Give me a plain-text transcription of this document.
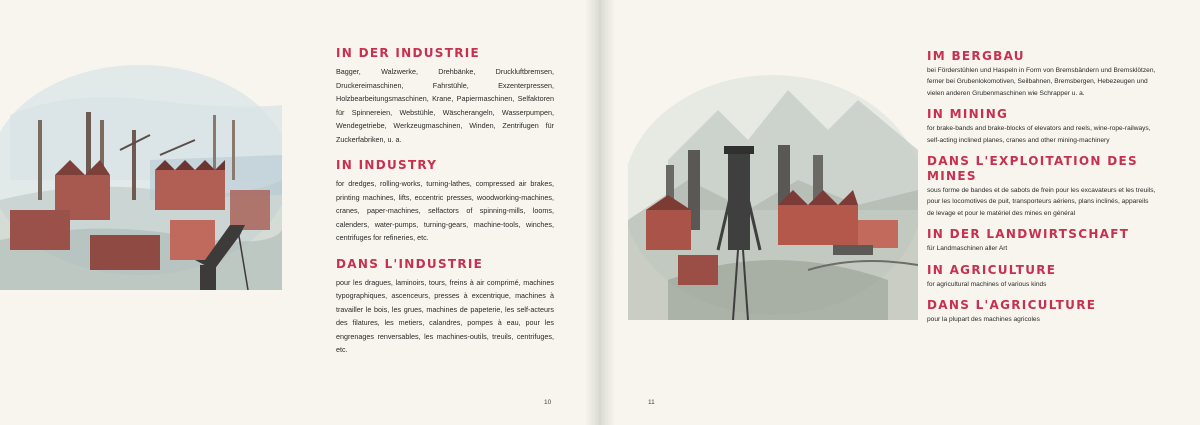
IN DER INDUSTRIE

Bagger, Walzwerke, Drehbänke, Druckluftbremsen, Druckereimaschinen, Fahrstühle, Exzenterpressen, Holzbearbeitungsmaschinen, Krane, Papiermaschinen, Selfaktoren für Spinnereien, Webstühle, Wäscherangeln, Wasserpumpen, Wendegetriebe, Werkzeugmaschinen, Winden, Zentrifugen für Zuckerfabriken, u. a.

IN INDUSTRY

for dredges, rolling-works, turning-lathes, compressed air brakes, printing machines, lifts, eccentric presses, woodworking-machines, cranes, paper-machines, selfactors of spinning-mills, looms, calenders, water-pumps, turning-gears, machine-tools, winches, centrifuges for refineries, etc.

DANS L'INDUSTRIE

pour les dragues, laminoirs, tours, freins à air comprimé, machines typographiques, ascenceurs, presses à excentrique, machines à travailler le bois, les grues, machines de papeterie, les self-acteurs des filatures, les metiers, calandres, pompes à eau, pour les engrenages renversables, les machines-outils, treuils, centrifuges, etc.

10	11
IM BERGBAU

bei Förderstühlen und Haspeln in Form von Bremsbändern und Bremsklötzen, ferner bei Grubenlokomotiven, Seilbahnen, Bremsbergen, Hebezeugen und vielen anderen Grubenmaschinen wie Schrapper u. a.

IN MINING

for brake-bands and brake-blocks of elevators and reels, wine-rope-railways, self-acting inclined planes, cranes and other mining-machinery

DANS L'EXPLOITATION DES MINES

sous forme de bandes et de sabots de frein pour les excavateurs et les treuils, pour les locomotives de puit, transporteurs aériens, plans inclinés, appareils de levage et pour le matériel des mines en général

IN DER LANDWIRTSCHAFT

für Landmaschinen aller Art

IN AGRICULTURE

for agricultural machines of various kinds

DANS L'AGRICULTURE

pour la plupart des machines agricoles
